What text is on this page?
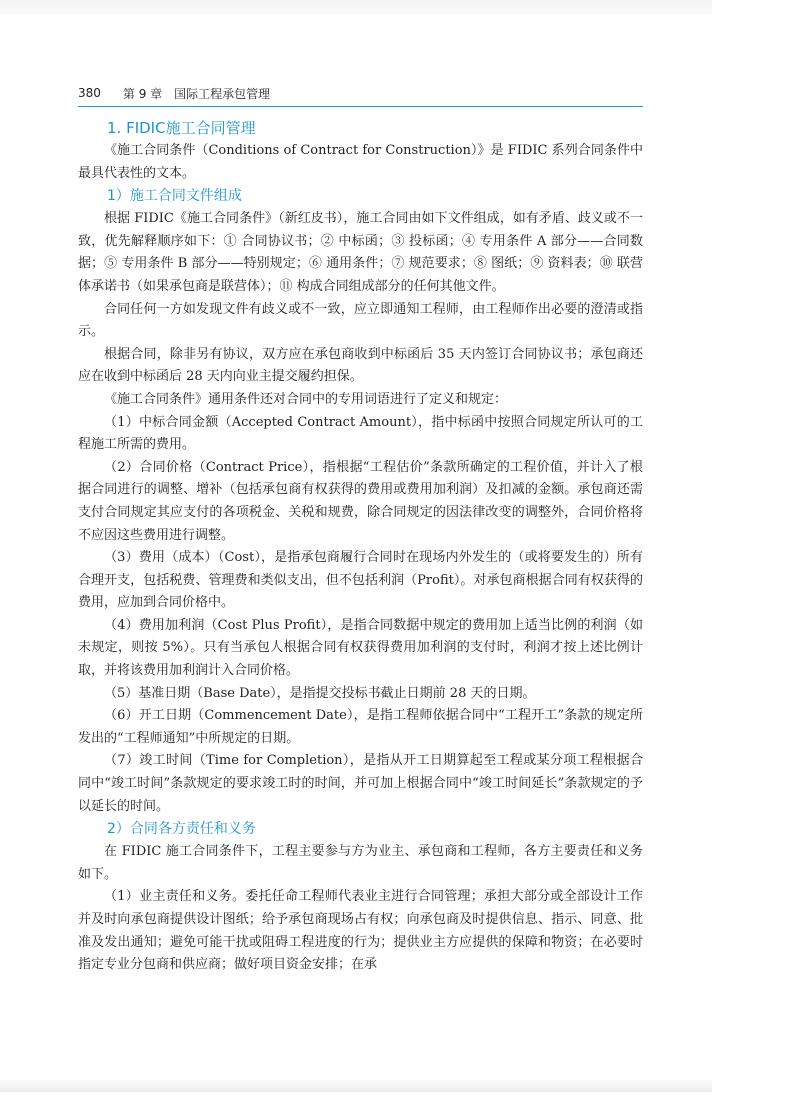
380 第 9 章 国际工程承包管理
1. FIDIC施工合同管理

《施工合同条件（Conditions of Contract for Construction）》是 FIDIC 系列合同条件中最具代表性的文本。

1）施工合同文件组成

根据 FIDIC《施工合同条件》（新红皮书），施工合同由如下文件组成，如有矛盾、歧义或不一致，优先解释顺序如下：① 合同协议书；② 中标函；③ 投标函；④ 专用条件 A 部分——合同数据；⑤ 专用条件 B 部分——特别规定；⑥ 通用条件；⑦ 规范要求；⑧ 图纸；⑨ 资料表；⑩ 联营体承诺书（如果承包商是联营体）；⑪ 构成合同组成部分的任何其他文件。

合同任何一方如发现文件有歧义或不一致，应立即通知工程师，由工程师作出必要的澄清或指示。

根据合同，除非另有协议，双方应在承包商收到中标函后 35 天内签订合同协议书；承包商还应在收到中标函后 28 天内向业主提交履约担保。

《施工合同条件》通用条件还对合同中的专用词语进行了定义和规定：

（1）中标合同金额（Accepted Contract Amount），指中标函中按照合同规定所认可的工程施工所需的费用。

（2）合同价格（Contract Price），指根据“工程估价”条款所确定的工程价值，并计入了根据合同进行的调整、增补（包括承包商有权获得的费用或费用加利润）及扣减的金额。承包商还需支付合同规定其应支付的各项税金、关税和规费，除合同规定的因法律改变的调整外，合同价格将不应因这些费用进行调整。

（3）费用（成本）（Cost），是指承包商履行合同时在现场内外发生的（或将要发生的）所有合理开支，包括税费、管理费和类似支出，但不包括利润（Profit）。对承包商根据合同有权获得的费用，应加到合同价格中。

（4）费用加利润（Cost Plus Profit），是指合同数据中规定的费用加上适当比例的利润（如未规定，则按 5%）。只有当承包人根据合同有权获得费用加利润的支付时，利润才按上述比例计取，并将该费用加利润计入合同价格。

（5）基准日期（Base Date），是指提交投标书截止日期前 28 天的日期。

（6）开工日期（Commencement Date），是指工程师依据合同中“工程开工”条款的规定所发出的“工程师通知”中所规定的日期。

（7）竣工时间（Time for Completion），是指从开工日期算起至工程或某分项工程根据合同中“竣工时间”条款规定的要求竣工时的时间，并可加上根据合同中“竣工时间延长”条款规定的予以延长的时间。

2）合同各方责任和义务

在 FIDIC 施工合同条件下，工程主要参与方为业主、承包商和工程师，各方主要责任和义务如下。

（1）业主责任和义务。委托任命工程师代表业主进行合同管理；承担大部分或全部设计工作并及时向承包商提供设计图纸；给予承包商现场占有权；向承包商及时提供信息、指示、同意、批准及发出通知；避免可能干扰或阻碍工程进度的行为；提供业主方应提供的保障和物资；在必要时指定专业分包商和供应商；做好项目资金安排；在承
